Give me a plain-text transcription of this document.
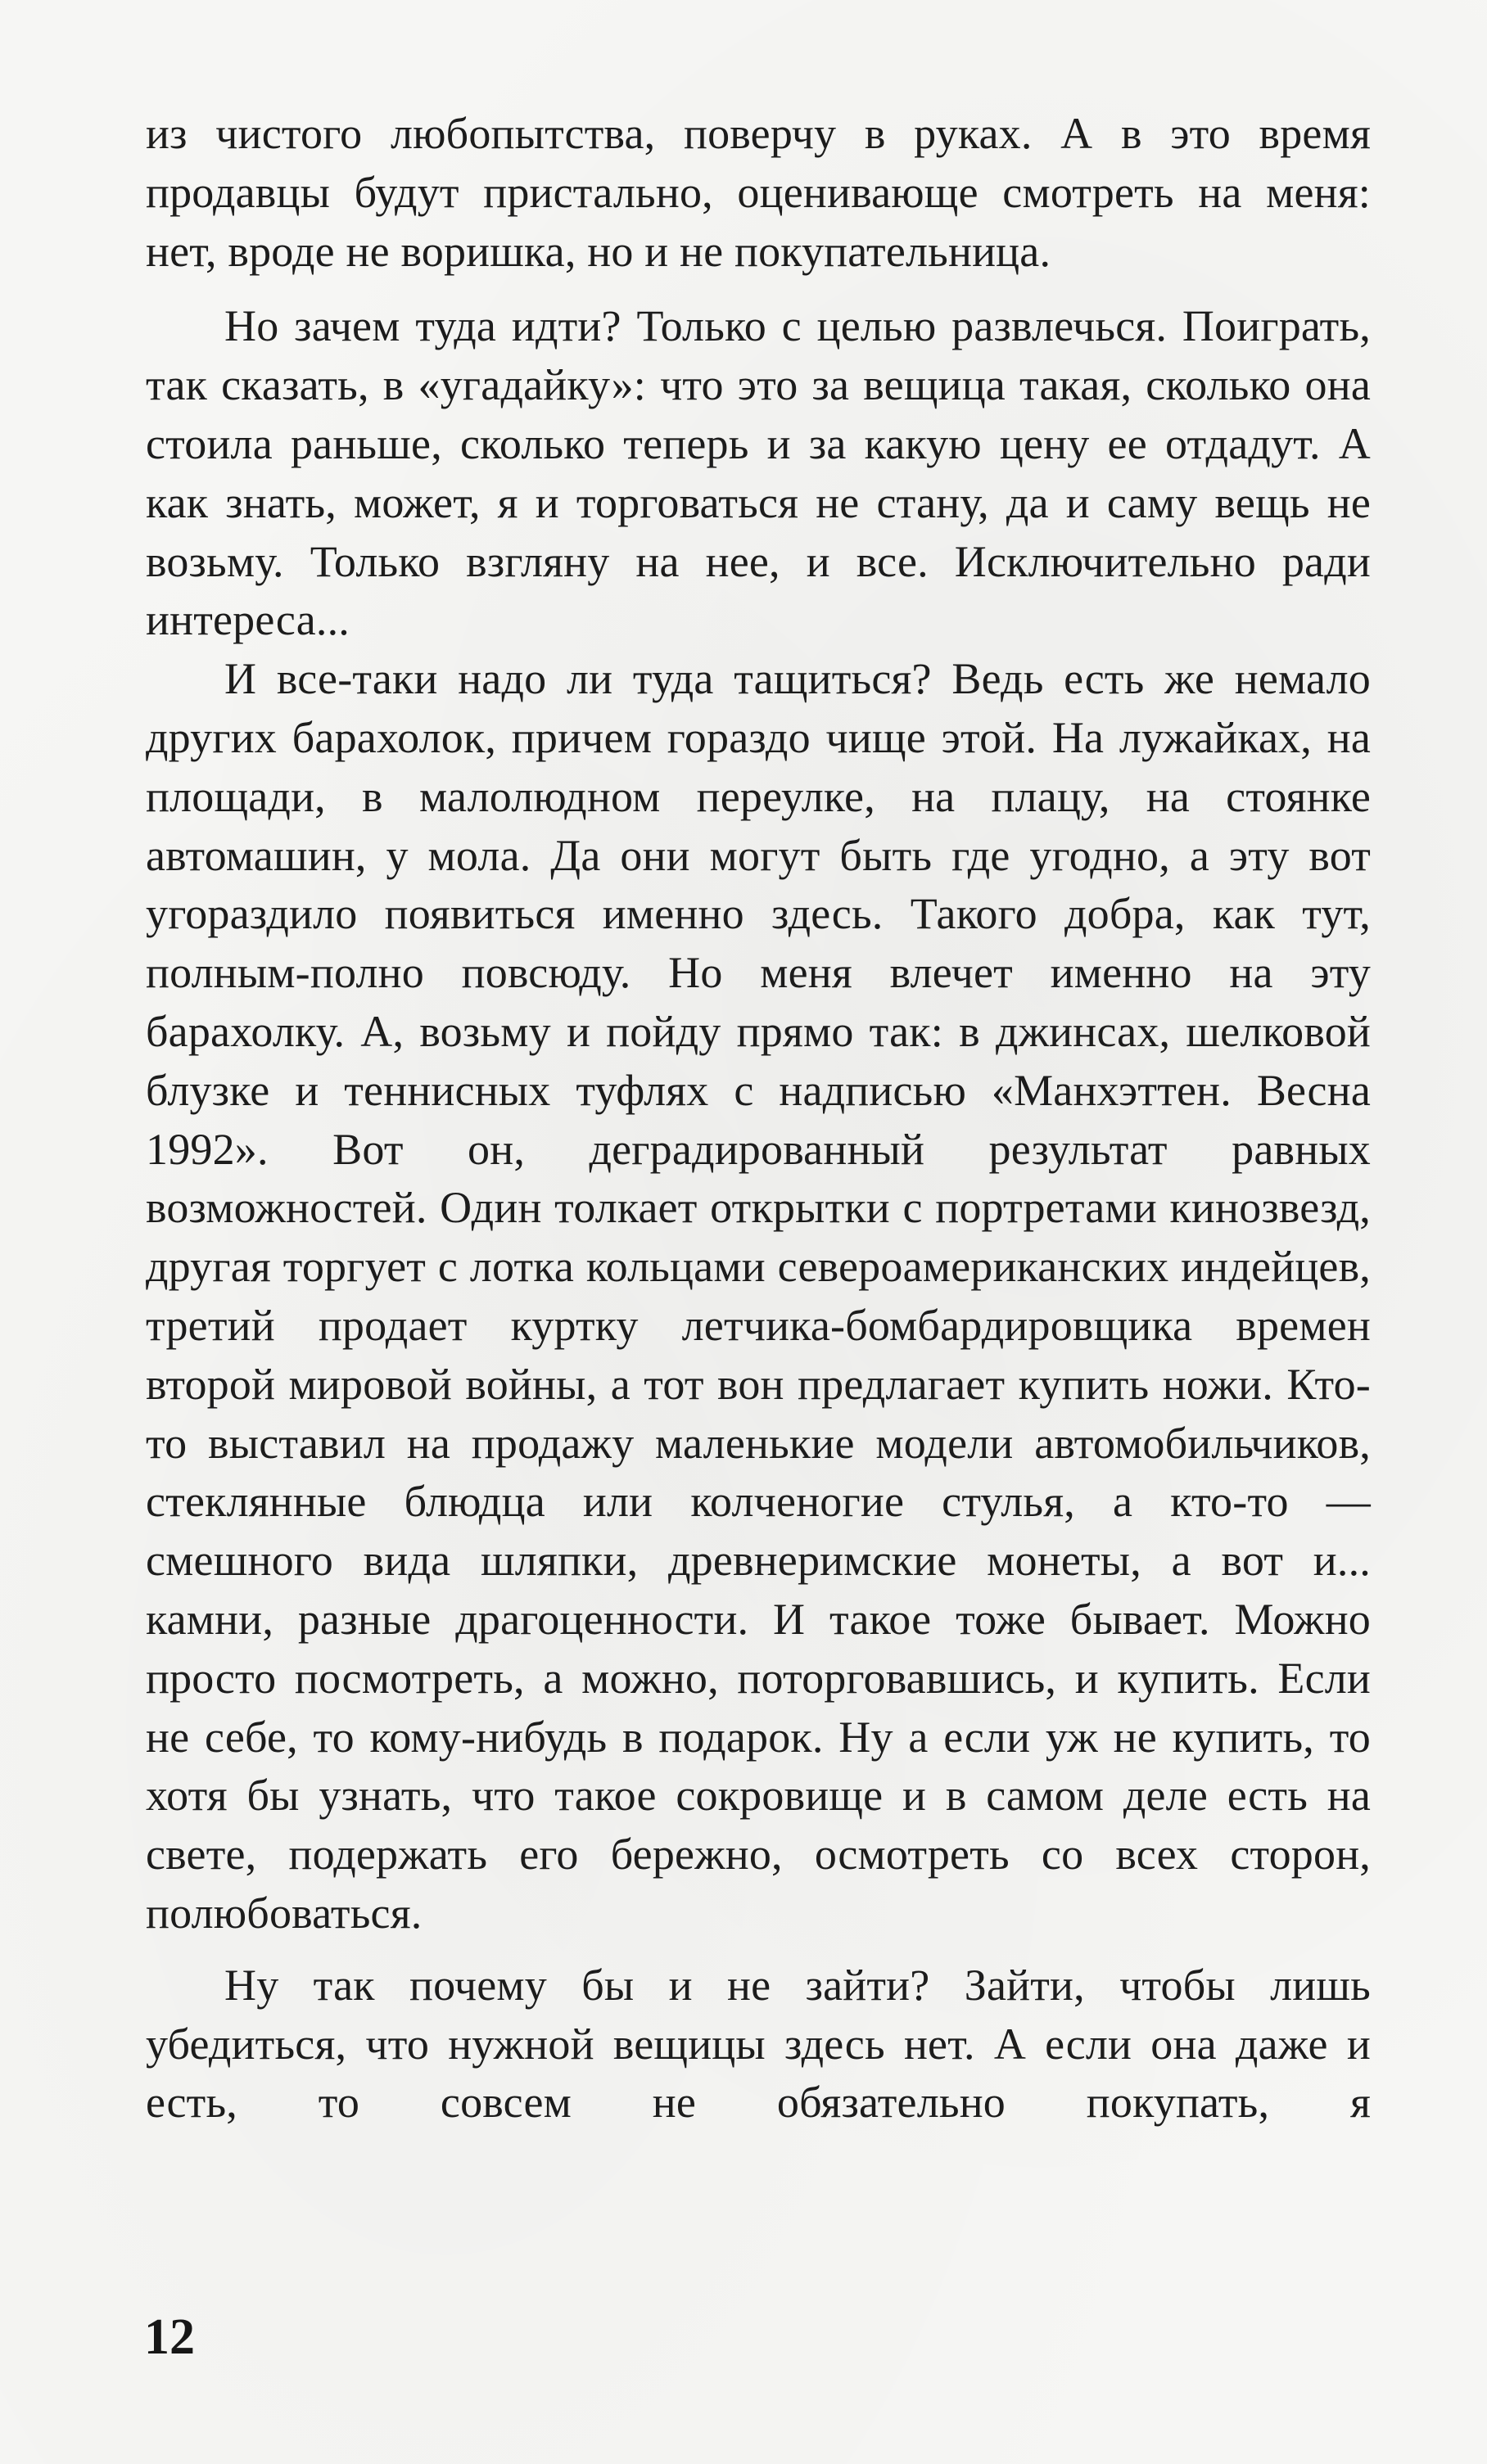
из чистого любопытства, поверчу в руках. А в это время продавцы будут пристально, оценивающе смотреть на меня: нет, вроде не воришка, но и не покупательница.

Но зачем туда идти? Только с целью развлечься. Поиграть, так сказать, в «угадайку»: что это за вещица такая, сколько она стоила раньше, сколько теперь и за какую цену ее отдадут. А как знать, может, я и торговаться не стану, да и саму вещь не возьму. Только взгляну на нее, и все. Исключительно ради интереса...

И все-таки надо ли туда тащиться? Ведь есть же немало других барахолок, причем гораздо чище этой. На лужайках, на площади, в малолюдном переулке, на плацу, на стоянке автомашин, у мола. Да они могут быть где угодно, а эту вот угораздило появиться именно здесь. Такого добра, как тут, полным-полно повсюду. Но меня влечет именно на эту барахолку. А, возьму и пойду прямо так: в джинсах, шелковой блузке и теннисных туфлях с надписью «Манхэттен. Весна 1992». Вот он, деградированный результат равных возможностей. Один толкает открытки с портретами кинозвезд, другая торгует с лотка кольцами североамериканских индейцев, третий продает куртку летчика-бомбардировщика времен второй мировой войны, а тот вон предлагает купить ножи. Кто-то выставил на продажу маленькие модели автомобильчиков, стеклянные блюдца или колченогие стулья, а кто-то — смешного вида шляпки, древнеримские монеты, а вот и... камни, разные драгоценности. И такое тоже бывает. Можно просто посмотреть, а можно, поторговавшись, и купить. Если не себе, то кому-нибудь в подарок. Ну а если уж не купить, то хотя бы узнать, что такое сокровище и в самом деле есть на свете, подержать его бережно, осмотреть со всех сторон, полюбоваться.

Ну так почему бы и не зайти? Зайти, чтобы лишь убедиться, что нужной вещицы здесь нет. А если она даже и есть, то совсем не обязательно покупать, я

12
